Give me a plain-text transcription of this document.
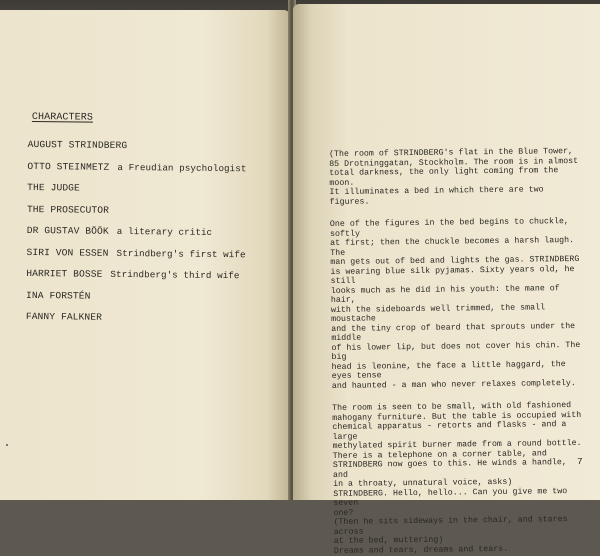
CHARACTERS
AUGUST STRINDBERG
OTTO STEINMETZ a Freudian psychologist
THE JUDGE
THE PROSECUTOR
DR GUSTAV BÖÖK a literary critic
SIRI VON ESSEN Strindberg's first wife
HARRIET BOSSE Strindberg's third wife
INA FORSTÉN
FANNY FALKNER

(The room of STRINDBERG's flat in the Blue Tower,
85 Drotninggatan, Stockholm. The room is in almost
total darkness, the only light coming from the moon.
It illuminates a bed in which there are two figures.

One of the figures in the bed begins to chuckle, softly
at first; then the chuckle becomes a harsh laugh. The
man gets out of bed and lights the gas. STRINDBERG
is wearing blue silk pyjamas. Sixty years old, he still
looks much as he did in his youth: the mane of hair,
with the sideboards well trimmed, the small moustache
and the tiny crop of beard that sprouts under the middle
of his lower lip, but does not cover his chin. The big
head is leonine, the face a little haggard, the eyes tense
and haunted - a man who never relaxes completely.

The room is seen to be small, with old fashioned
mahogany furniture. But the table is occupied with
chemical apparatus - retorts and flasks - and a large
methylated spirit burner made from a round bottle.
There is a telephone on a corner table, and
STRINDBERG now goes to this. He winds a handle, and
in a throaty, unnatural voice, asks)

STRINDBERG. Hello, hello... Can you give me two seven
one?

(Then he sits sideways in the chair, and stares across
at the bed, muttering)

Dreams and tears, dreams and tears.

7
